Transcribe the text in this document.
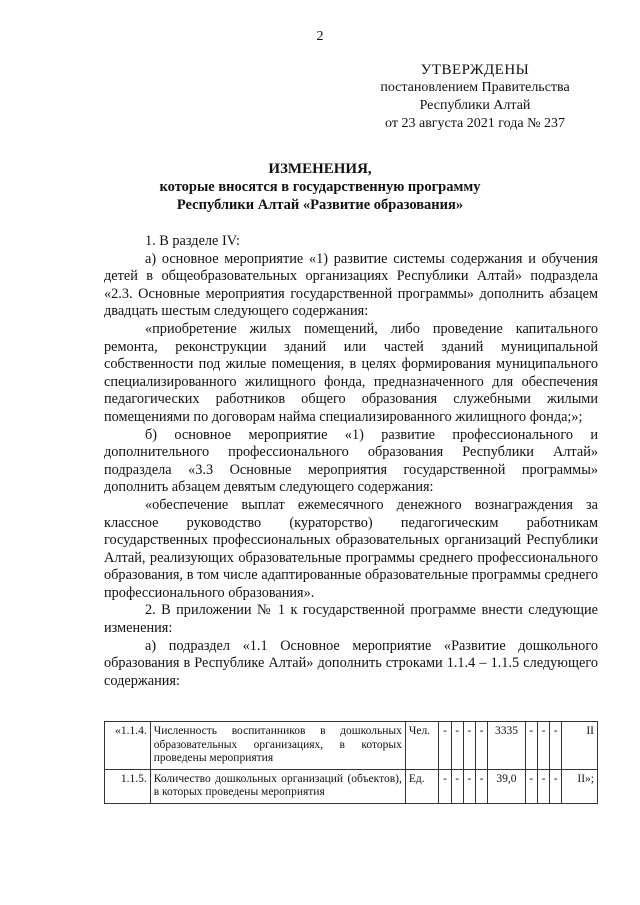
2
УТВЕРЖДЕНЫ
постановлением Правительства
Республики Алтай
от 23 августа 2021 года № 237
ИЗМЕНЕНИЯ,
которые вносятся в государственную программу
Республики Алтай «Развитие образования»

1. В разделе IV:

а) основное мероприятие «1) развитие системы содержания и обучения детей в общеобразовательных организациях Республики Алтай» подраздела «2.3. Основные мероприятия государственной программы» дополнить абзацем двадцать шестым следующего содержания:

«приобретение жилых помещений, либо проведение капитального ремонта, реконструкции зданий или частей зданий муниципальной собственности под жилые помещения, в целях формирования муниципального специализированного жилищного фонда, предназначенного для обеспечения педагогических работников общего образования служебными жилыми помещениями по договорам найма специализированного жилищного фонда;»;

б) основное мероприятие «1) развитие профессионального и дополнительного профессионального образования Республики Алтай» подраздела «3.3 Основные мероприятия государственной программы» дополнить абзацем девятым следующего содержания:

«обеспечение выплат ежемесячного денежного вознаграждения за классное руководство (кураторство) педагогическим работникам государственных профессиональных образовательных организаций Республики Алтай, реализующих образовательные программы среднего профессионального образования, в том числе адаптированные образовательные программы среднего профессионального образования».

2. В приложении № 1 к государственной программе внести следующие изменения:

а) подраздел «1.1 Основное мероприятие «Развитие дошкольного образования в Республике Алтай» дополнить строками 1.1.4 – 1.1.5 следующего содержания:

«1.1.4.	Численность воспитанников в дошкольных образовательных организациях, в которых проведены мероприятия	Чел.	-	-	-	-	3335	-	-	-	II
1.1.5.	Количество дошкольных организаций (объектов), в которых проведены мероприятия	Ед.	-	-	-	-	39,0	-	-	-	II»;
